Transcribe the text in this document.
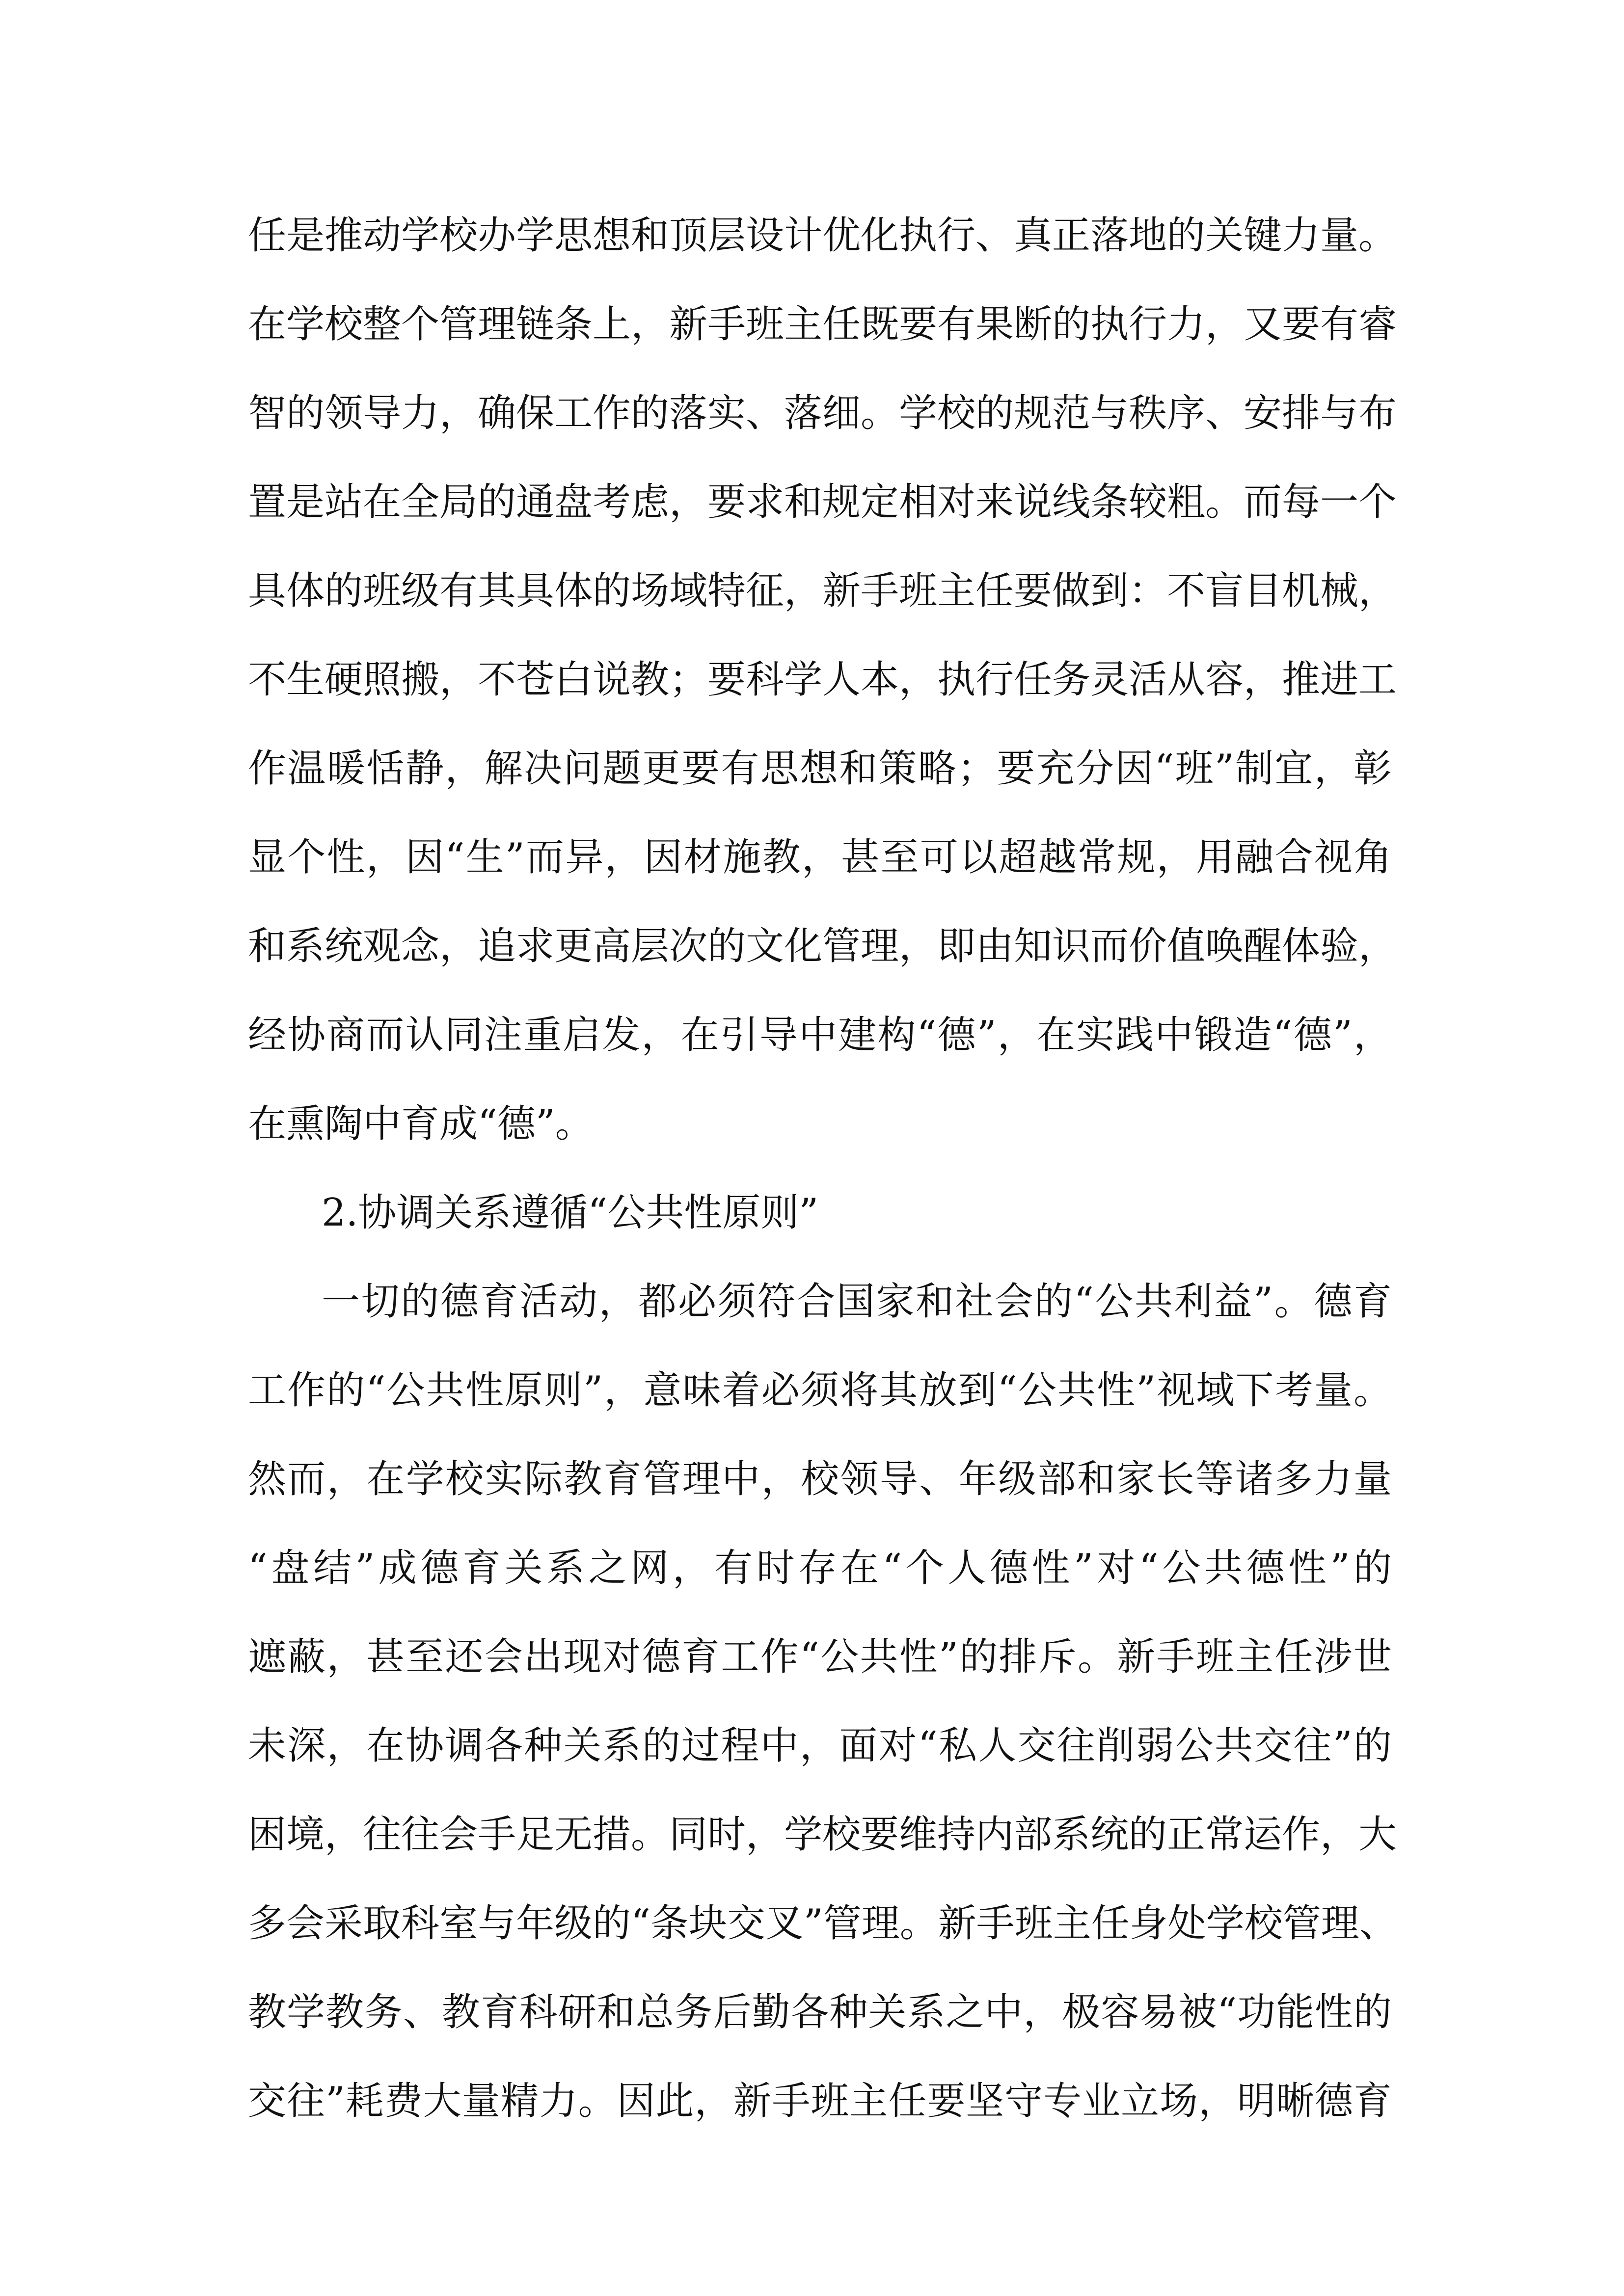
任是推动学校办学思想和顶层设计优化执行、真正落地的关键力量。
在学校整个管理链条上，新手班主任既要有果断的执行力，又要有睿
智的领导力，确保工作的落实、落细。学校的规范与秩序、安排与布
置是站在全局的通盘考虑，要求和规定相对来说线条较粗。而每一个
具体的班级有其具体的场域特征，新手班主任要做到：不盲目机械，
不生硬照搬，不苍白说教；要科学人本，执行任务灵活从容，推进工
作温暖恬静，解决问题更要有思想和策略；要充分因“班”制宜，彰
显个性，因“生”而异，因材施教，甚至可以超越常规，用融合视角
和系统观念，追求更高层次的文化管理，即由知识而价值唤醒体验，
经协商而认同注重启发，在引导中建构“德”，在实践中锻造“德”，
在熏陶中育成“德”。
2.协调关系遵循“公共性原则”
一切的德育活动，都必须符合国家和社会的“公共利益”。德育
工作的“公共性原则”，意味着必须将其放到“公共性”视域下考量。
然而，在学校实际教育管理中，校领导、年级部和家长等诸多力量
“盘结”成德育关系之网，有时存在“个人德性”对“公共德性”的
遮蔽，甚至还会出现对德育工作“公共性”的排斥。新手班主任涉世
未深，在协调各种关系的过程中，面对“私人交往削弱公共交往”的
困境，往往会手足无措。同时，学校要维持内部系统的正常运作，大
多会采取科室与年级的“条块交叉”管理。新手班主任身处学校管理、
教学教务、教育科研和总务后勤各种关系之中，极容易被“功能性的
交往”耗费大量精力。因此，新手班主任要坚守专业立场，明晰德育
